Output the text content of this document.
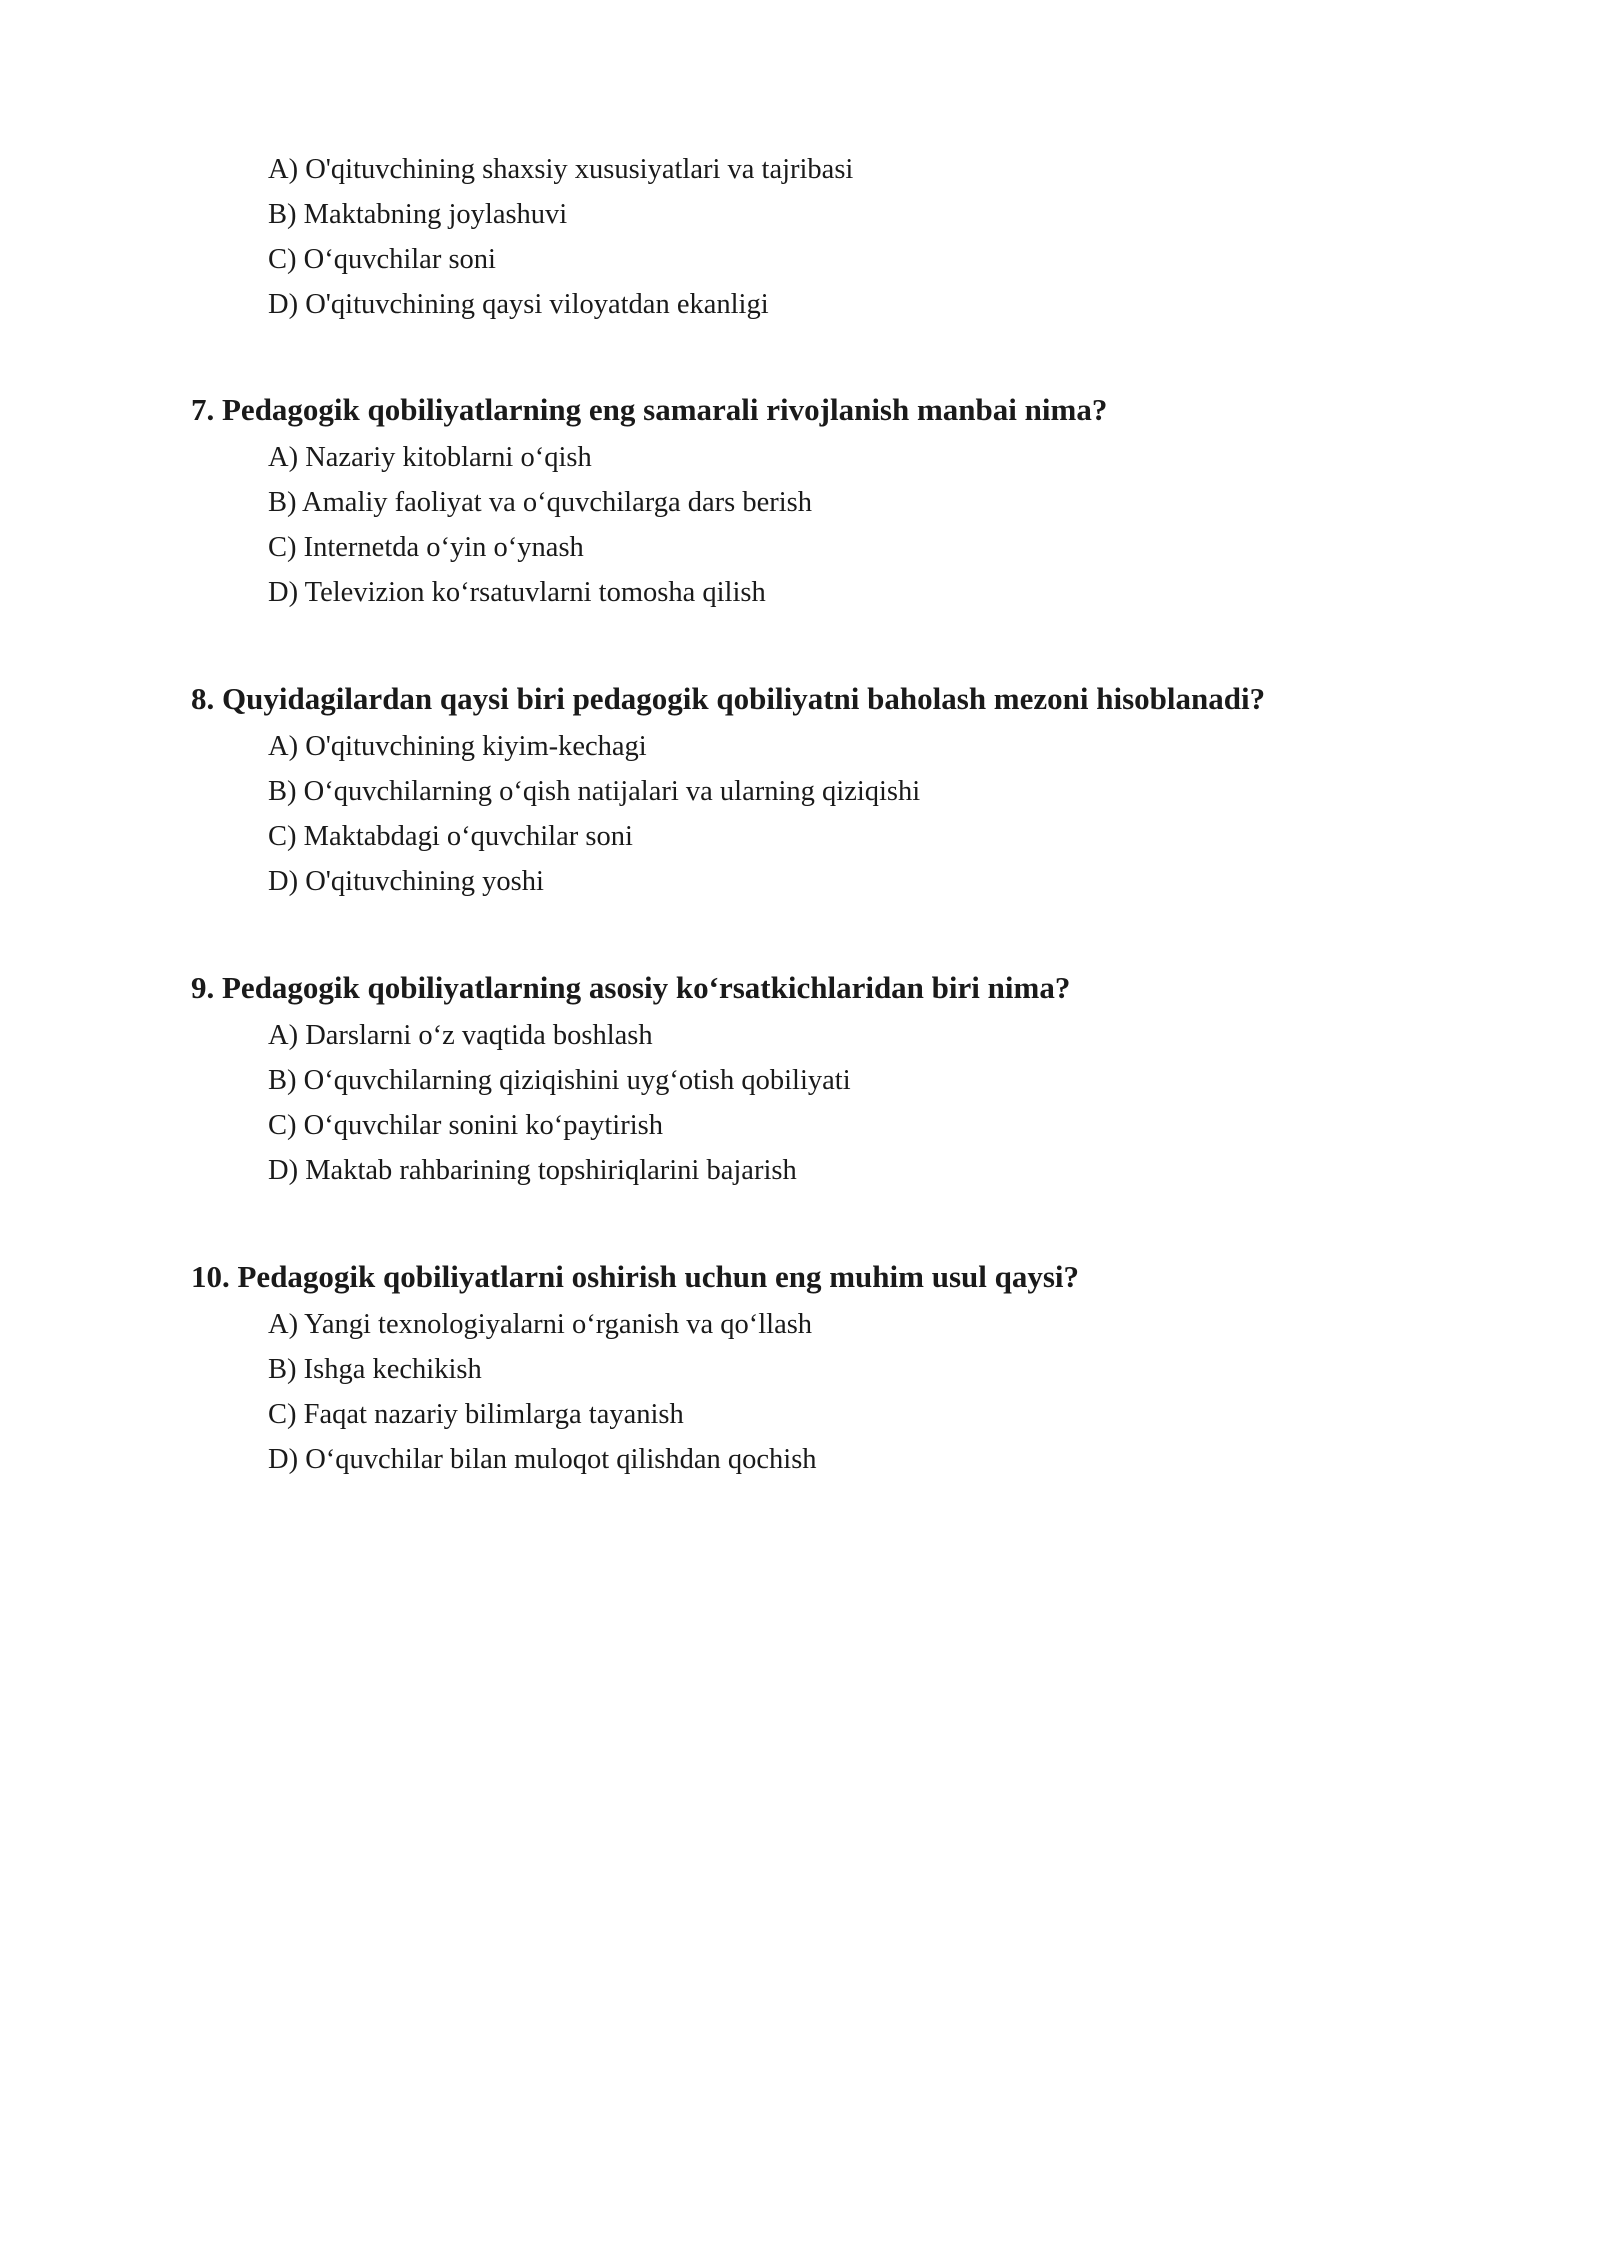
A) O'qituvchining shaxsiy xususiyatlari va tajribasi

B) Maktabning joylashuvi

C) O‘quvchilar soni

D) O'qituvchining qaysi viloyatdan ekanligi

7. Pedagogik qobiliyatlarning eng samarali rivojlanish manbai nima?

A) Nazariy kitoblarni o‘qish

B) Amaliy faoliyat va o‘quvchilarga dars berish

C) Internetda o‘yin o‘ynash

D) Televizion ko‘rsatuvlarni tomosha qilish

8. Quyidagilardan qaysi biri pedagogik qobiliyatni baholash mezoni hisoblanadi?

A) O'qituvchining kiyim-kechagi

B) O‘quvchilarning o‘qish natijalari va ularning qiziqishi

C) Maktabdagi o‘quvchilar soni

D) O'qituvchining yoshi

9. Pedagogik qobiliyatlarning asosiy ko‘rsatkichlaridan biri nima?

A) Darslarni o‘z vaqtida boshlash

B) O‘quvchilarning qiziqishini uyg‘otish qobiliyati

C) O‘quvchilar sonini ko‘paytirish

D) Maktab rahbarining topshiriqlarini bajarish

10. Pedagogik qobiliyatlarni oshirish uchun eng muhim usul qaysi?

A) Yangi texnologiyalarni o‘rganish va qo‘llash

B) Ishga kechikish

C) Faqat nazariy bilimlarga tayanish

D) O‘quvchilar bilan muloqot qilishdan qochish
